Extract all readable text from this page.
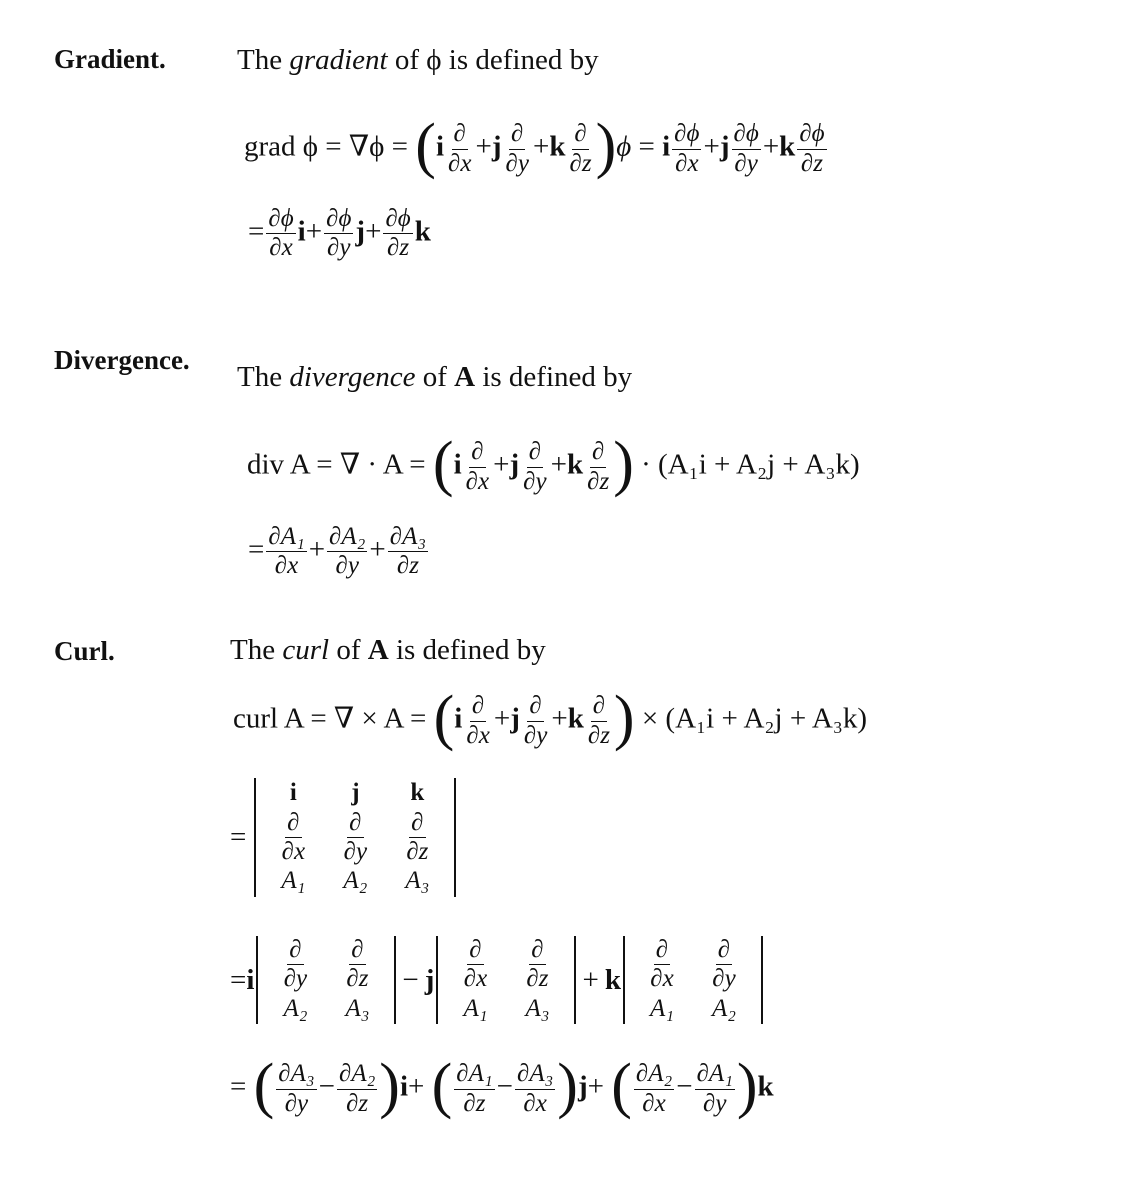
Gradient. The gradient of ϕ is defined by
grad $\phi = \nabla\phi = (i \frac{\partial}{\partial x} +j \frac{\partial}{\partial y} +k \frac{\partial}{\partial z} )\phi = i \frac{\partial\phi}{\partial x} +j \frac{\partial\phi}{\partial y} +k \frac{\partial\phi}{\partial z}$
= $\frac{\partial\phi}{\partial x} i+ \frac{\partial\phi}{\partial y} j+ \frac{\partial\phi}{\partial z}$ k
Divergence.
The divergence of A is defined by
div A = ∇ · $A = (i \frac{\partial}{\partial x} +j \frac{\partial}{\partial y} +k \frac{\partial}{\partial z}$ ) · (A₁i + A₂j + A₃k)
= $\frac{\text{∂A₁}}{\partial x} + \frac{\text{∂A₂}}{\partial y} + \frac{\text{∂A₃}}{\partial z}$
Curl.	The curl of A is defined by
curl A = ∇ × $A = (i \frac{\partial}{\partial x} +j \frac{\partial}{\partial y} +k \frac{\partial}{\partial z}$ ) × (A₁i + A₂j + A₃k)
=
i	j	k
$\frac{\partial}{\partial x} \frac{\partial}{\partial y} \frac{\partial}{\partial z}$
A₁	A₂	A₃
= i $\frac{\partial}{\partial y} \frac{\partial}{\partial z}$
A₂	A₃
− j $\frac{\partial}{\partial x} \frac{\partial}{\partial z}$
A₁	A₃
+ k $\frac{\partial}{\partial x} \frac{\partial}{\partial y}$
A₁	A₂
= ( $\frac{\text{∂A₃}}{\partial y} - \frac{\text{∂A₂}}{\partial z} )i+$ ( $\frac{\text{∂A₁}}{\partial z} - \frac{\text{∂A₃}}{\partial x} )j+$ ( $\frac{\text{∂A₂}}{\partial x} - \frac{\text{∂A₁}}{\partial y} )k$
